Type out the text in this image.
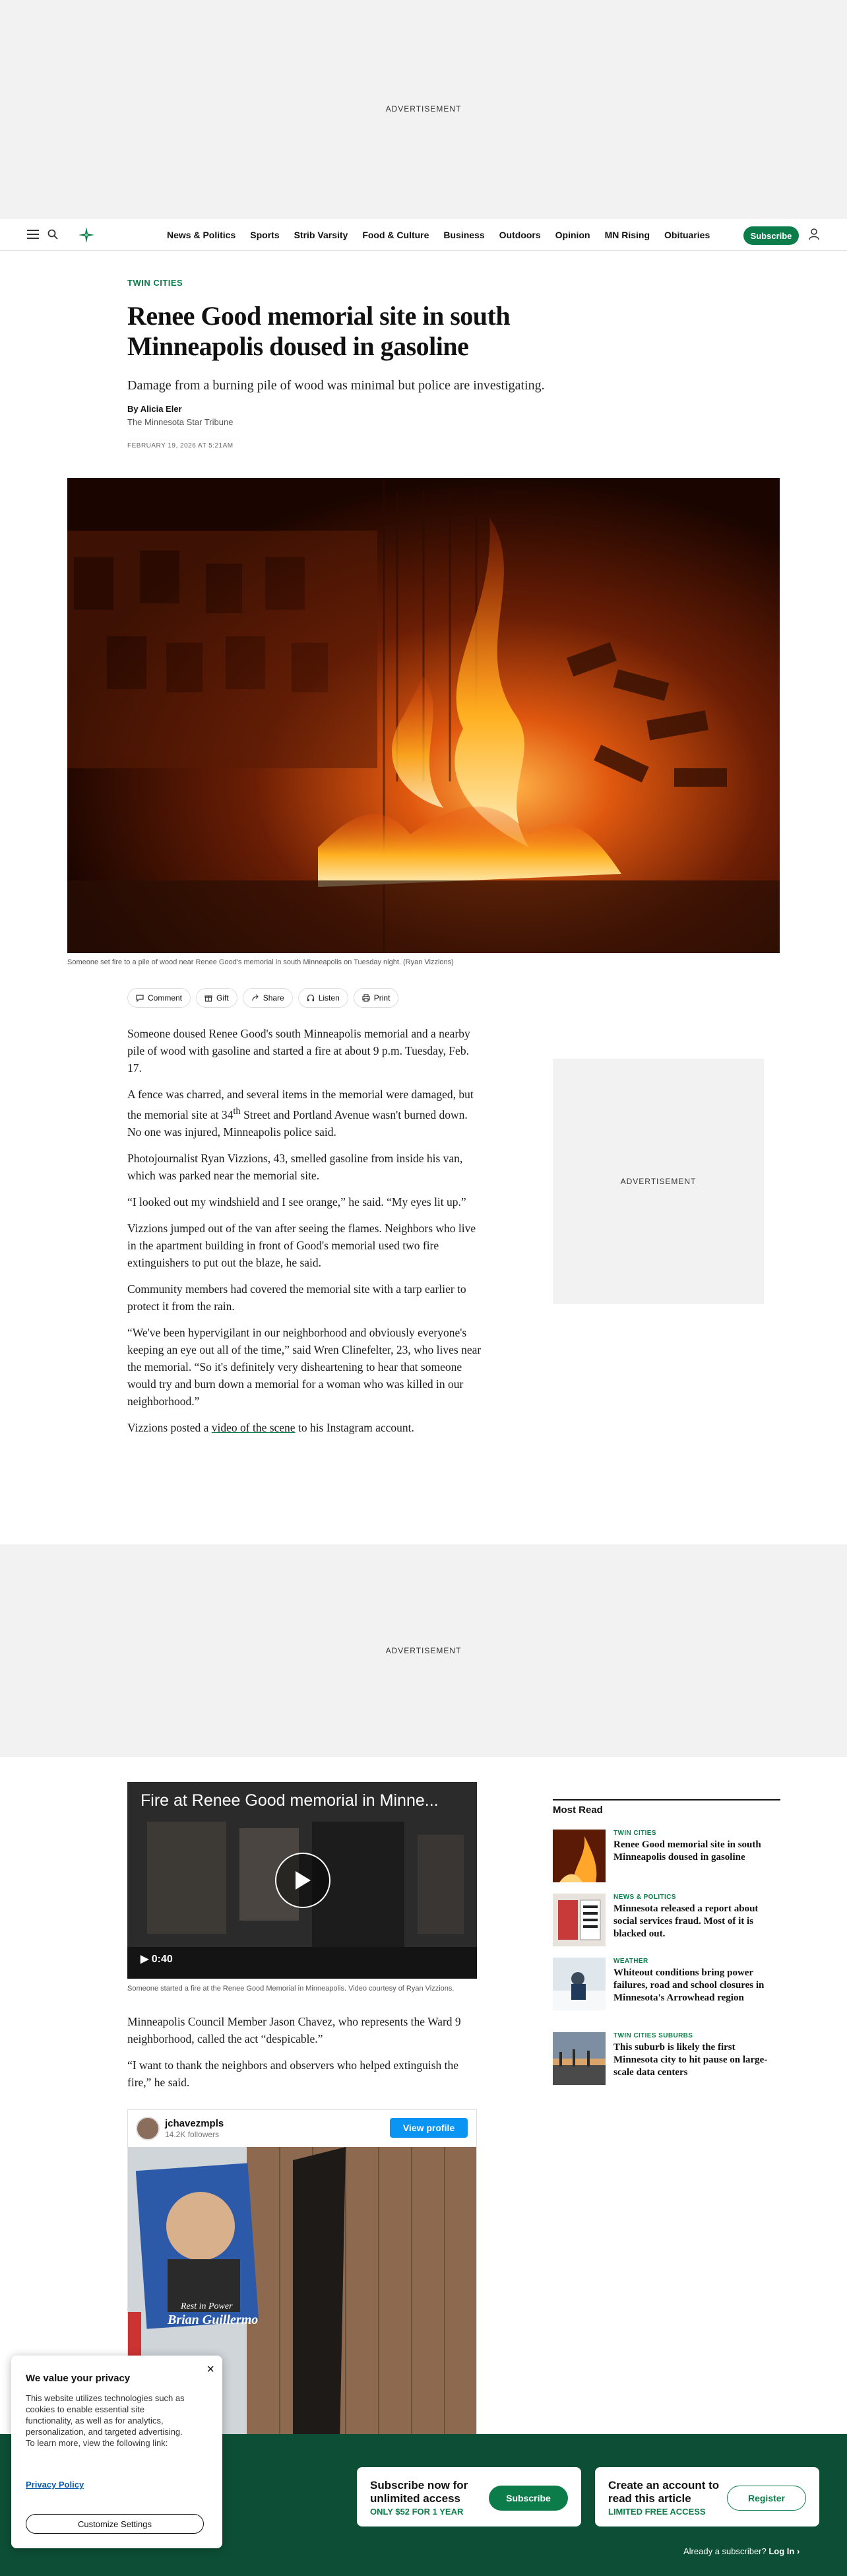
ADVERTISEMENT
News & Politics Sports Strib Varsity Food & Culture Business Outdoors Opinion MN Rising Obituaries	Subscribe
TWIN CITIES
Renee Good memorial site in south Minneapolis doused in gasoline

Damage from a burning pile of wood was minimal but police are investigating.

By Alicia Eler
The Minnesota Star Tribune
FEBRUARY 19, 2026 AT 5:21AM
Someone set fire to a pile of wood near Renee Good's memorial in south Minneapolis on Tuesday night. (Ryan Vizzions)
Comment	Gift	Share	Listen	Print

Someone doused Renee Good's south Minneapolis memorial and a nearby pile of wood with gasoline and started a fire at about 9 p.m. Tuesday, Feb. 17.

A fence was charred, and several items in the memorial were damaged, but the memorial site at 34th Street and Portland Avenue wasn't burned down. No one was injured, Minneapolis police said.

Photojournalist Ryan Vizzions, 43, smelled gasoline from inside his van, which was parked near the memorial site.

“I looked out my windshield and I see orange,” he said. “My eyes lit up.”

Vizzions jumped out of the van after seeing the flames. Neighbors who live in the apartment building in front of Good's memorial used two fire extinguishers to put out the blaze, he said.

Community members had covered the memorial site with a tarp earlier to protect it from the rain.

“We've been hypervigilant in our neighborhood and obviously everyone's keeping an eye out all of the time,” said Wren Clinefelter, 23, who lives near the memorial. “So it's definitely very disheartening to hear that someone would try and burn down a memorial for a woman who was killed in our neighborhood.”

Vizzions posted a video of the scene to his Instagram account.

ADVERTISEMENT
ADVERTISEMENT
Fire at Renee Good memorial in Minne...
▶ 0:40
Someone started a fire at the Renee Good Memorial in Minneapolis. Video courtesy of Ryan Vizzions.

Minneapolis Council Member Jason Chavez, who represents the Ward 9 neighborhood, called the act “despicable.”

“I want to thank the neighbors and observers who helped extinguish the fire,” he said.

jchavezmpls
14.2K followers
View profile
Rest in Power
Brian Guillermo
Most Read
TWIN CITIES
Renee Good memorial site in south Minneapolis doused in gasoline
NEWS & POLITICS
Minnesota released a report about social services fraud. Most of it is blacked out.
WEATHER
Whiteout conditions bring power failures, road and school closures in Minnesota's Arrowhead region
TWIN CITIES SUBURBS
This suburb is likely the first Minnesota city to hit pause on large-scale data centers
Subscribe now for unlimited access
ONLY $52 FOR 1 YEAR
Subscribe
Create an account to read this article
LIMITED FREE ACCESS
Register
Already a subscriber? Log In ›
×
We value your privacy
This website utilizes technologies such as cookies to enable essential site functionality, as well as for analytics, personalization, and targeted advertising. To learn more, view the following link:
Privacy Policy
Customize Settings
